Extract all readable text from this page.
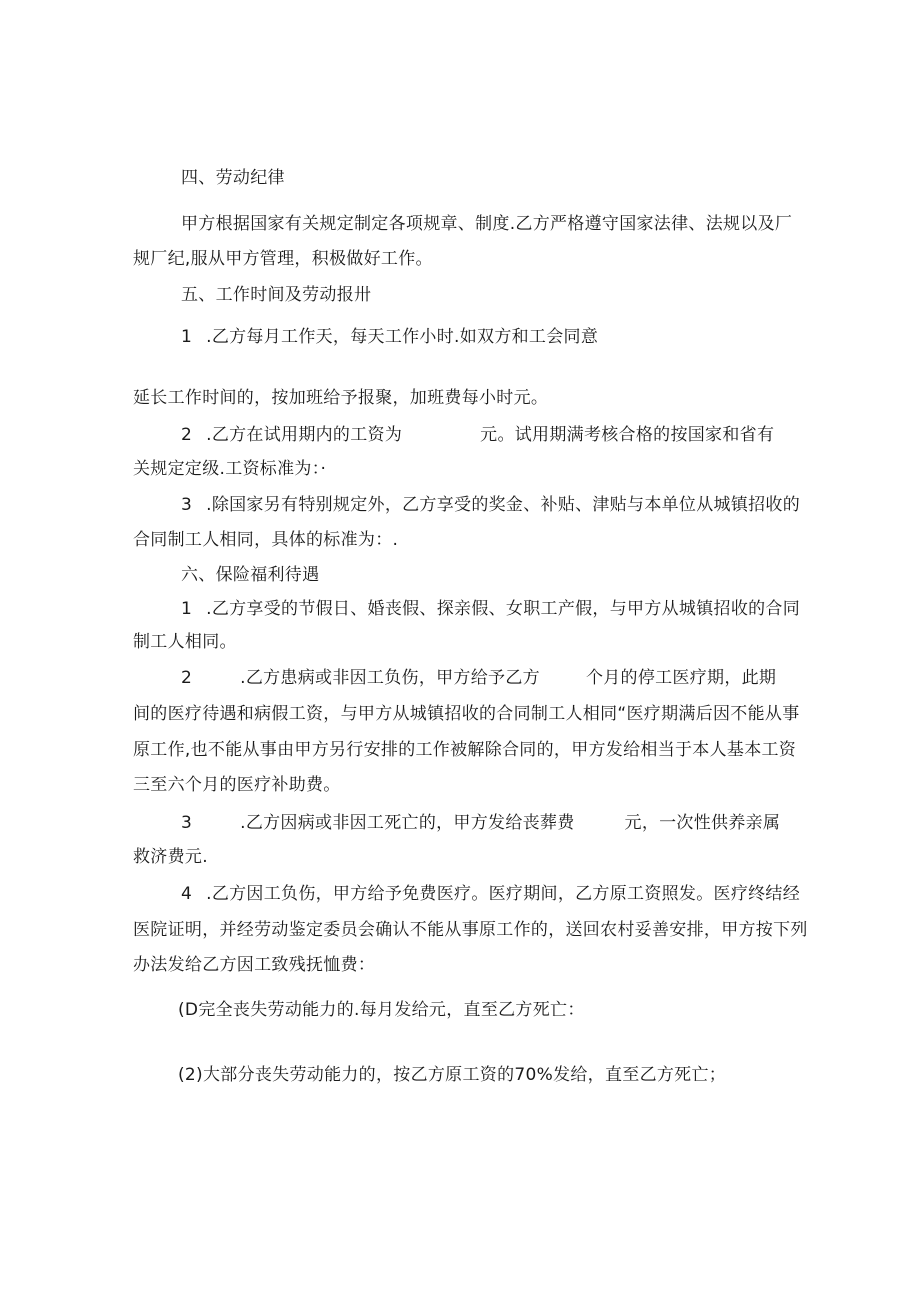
四、劳动纪律
甲方根据国家有关规定制定各项规章、制度.乙方严格遵守国家法律、法规以及厂
规厂纪,服从甲方管理，积极做好工作。
五、工作时间及劳动报卅
1 .乙方每月工作天，每天工作小时.如双方和工会同意
延长工作时间的，按加班给予报聚，加班费每小时元。
2 .乙方在试用期内的工资为	元。试用期满考核合格的按国家和省有
关规定定级.工资标准为：·
3 .除国家另有特别规定外，乙方享受的奖金、补贴、津贴与本单位从城镇招收的
合同制工人相同，具体的标准为：.
六、保险福利待遇
1 .乙方享受的节假日、婚丧假、探亲假、女职工产假，与甲方从城镇招收的合同
制工人相同。
2	.乙方患病或非因工负伤，甲方给予乙方	个月的停工医疗期，此期
间的医疗待遇和病假工资，与甲方从城镇招收的合同制工人相同“医疗期满后因不能从事
原工作,也不能从事由甲方另行安排的工作被解除合同的，甲方发给相当于本人基本工资
三至六个月的医疗补助费。
3	.乙方因病或非因工死亡的，甲方发给丧葬费	元，一次性供养亲属
救济费元.
4 .乙方因工负伤，甲方给予免费医疗。医疗期间，乙方原工资照发。医疗终结经
医院证明，并经劳动鉴定委员会确认不能从事原工作的，送回农村妥善安排，甲方按下列
办法发给乙方因工致残抚恤费：
(D完全丧失劳动能力的.每月发给元，直至乙方死亡：
(2)大部分丧失劳动能力的，按乙方原工资的70%发给，直至乙方死亡；
